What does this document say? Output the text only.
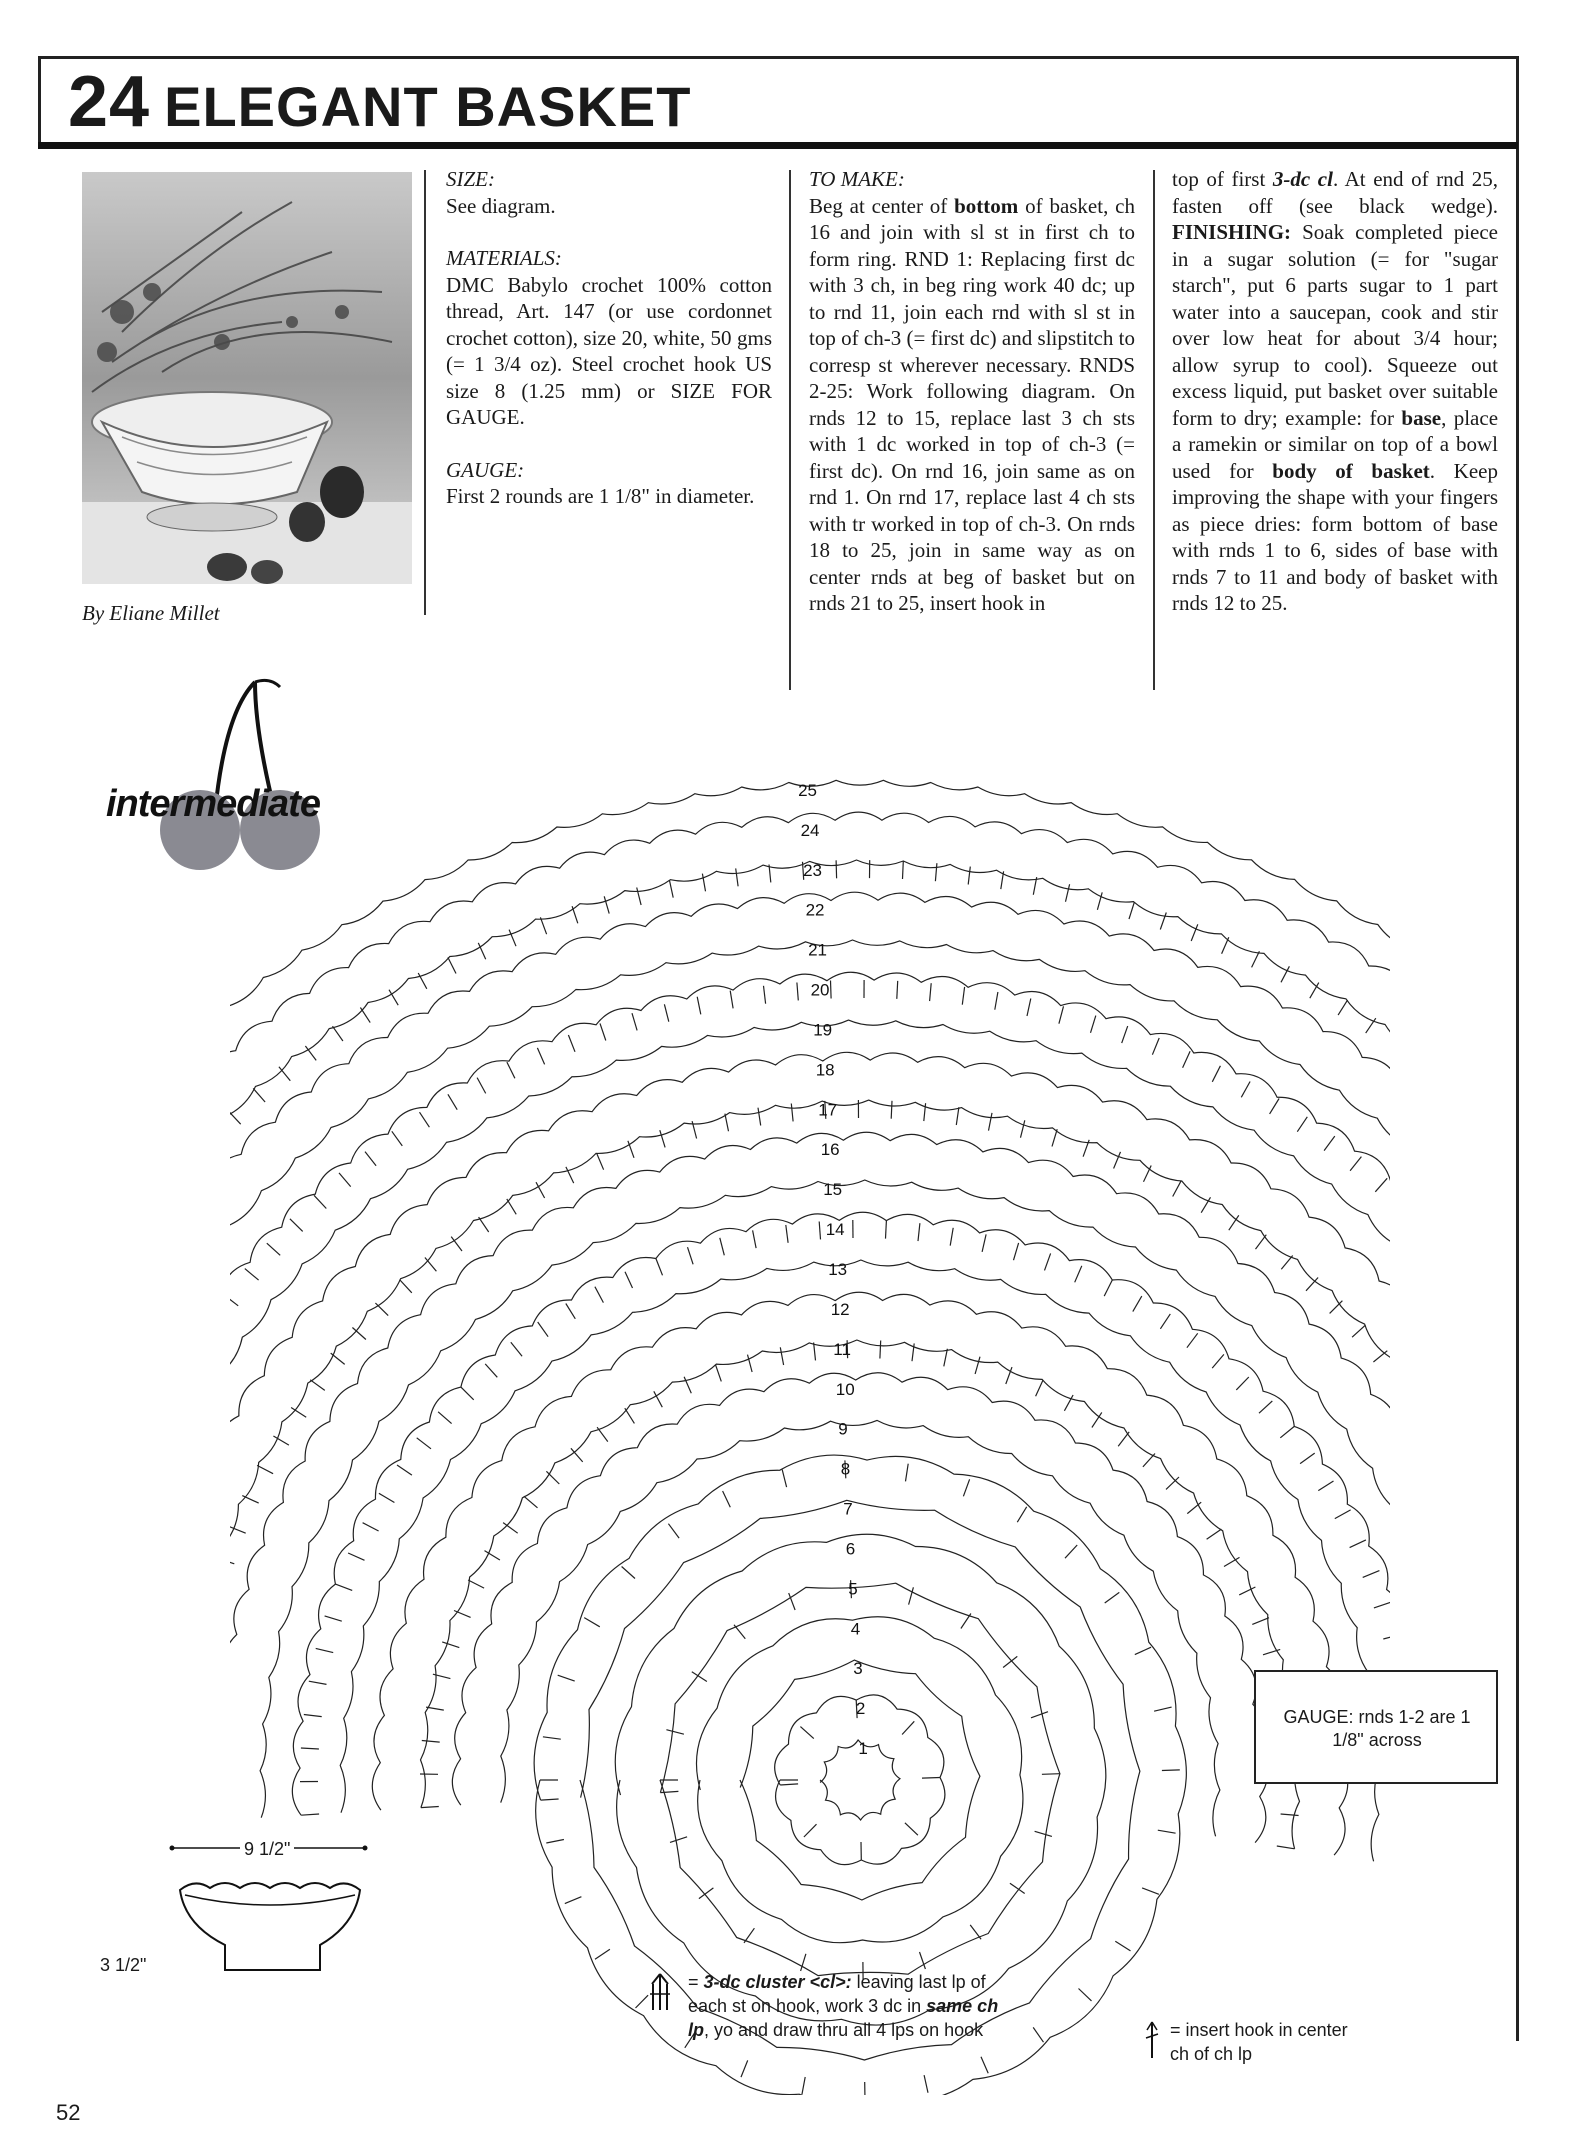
24 ELEGANT BASKET
By Eliane Millet

SIZE:
See diagram.

MATERIALS:
DMC Babylo crochet 100% cotton thread, Art. 147 (or use cordonnet crochet cotton), size 20, white, 50 gms (= 1 3/4 oz). Steel crochet hook US size 8 (1.25 mm) or SIZE FOR GAUGE.

GAUGE:
First 2 rounds are 1 1/8" in diameter.

TO MAKE:
Beg at center of bottom of basket, ch 16 and join with sl st in first ch to form ring. RND 1: Replacing first dc with 3 ch, in beg ring work 40 dc; up to rnd 11, join each rnd with sl st in top of ch-3 (= first dc) and slipstitch to corresp st wherever necessary. RNDS 2-25: Work following diagram. On rnds 12 to 15, replace last 3 ch sts with 1 dc worked in top of ch-3 (= first dc). On rnd 16, join same as on rnd 1. On rnd 17, replace last 4 ch sts with tr worked in top of ch-3. On rnds 18 to 25, join in same way as on center rnds at beg of basket but on rnds 21 to 25, insert hook in

top of first 3-dc cl. At end of rnd 25, fasten off (see black wedge). FINISHING: Soak completed piece in a sugar solution (= for "sugar starch", put 6 parts sugar to 1 part water into a saucepan, cook and stir over low heat for about 3/4 hour; allow syrup to cool). Squeeze out excess liquid, put basket over suitable form to dry; example: for base, place a ramekin or similar on top of a bowl used for body of basket. Keep improving the shape with your fingers as piece dries: form bottom of base with rnds 1 to 6, sides of base with rnds 7 to 11 and body of basket with rnds 12 to 25.

intermediate
1
2
3
4
5
6
7
8
9
10
11
12
13
14
15
16
17
18
19
20
21
22
23
24
25
GAUGE: rnds 1-2 are 1 1/8" across
9 1/2"
3 1/2"
= 3-dc cluster <cl>: leaving last lp of each st on hook, work 3 dc in same ch lp, yo and draw thru all 4 lps on hook	= insert hook in center ch of ch lp
52
